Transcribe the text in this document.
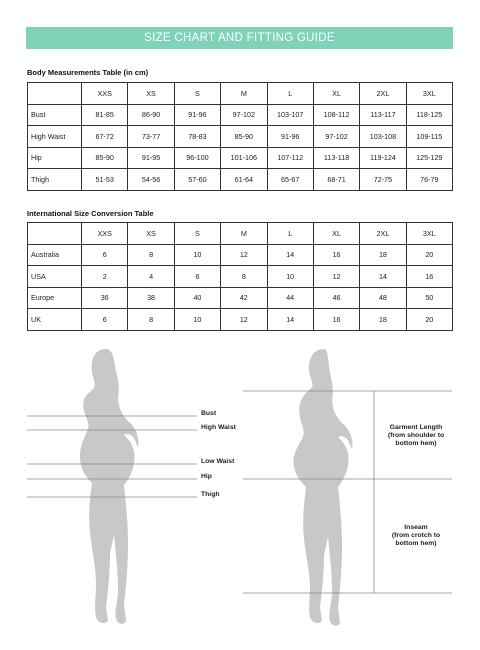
SIZE CHART AND FITTING GUIDE
Body Measurements Table (in cm)
	XXS	XS	S	M	L	XL	2XL	3XL
Bust	81-85	86-90	91-96	97-102	103-107	108-112	113-117	118-125
High Waist	67-72	73-77	78-83	85-90	91-96	97-102	103-108	109-115
Hip	85-90	91-95	96-100	101-106	107-112	113-118	119-124	125-129
Thigh	51-53	54-56	57-60	61-64	65-67	68-71	72-75	76-79
International Size Conversion Table
	XXS	XS	S	M	L	XL	2XL	3XL
Australia	6	8	10	12	14	16	18	20
USA	2	4	6	8	10	12	14	16
Europe	36	38	40	42	44	46	48	50
UK	6	8	10	12	14	16	18	20
Bust
High Waist
Low Waist
Hip
Thigh
Garment Length
(from shoulder to
bottom hem)
Inseam
(from crotch to
bottom hem)
